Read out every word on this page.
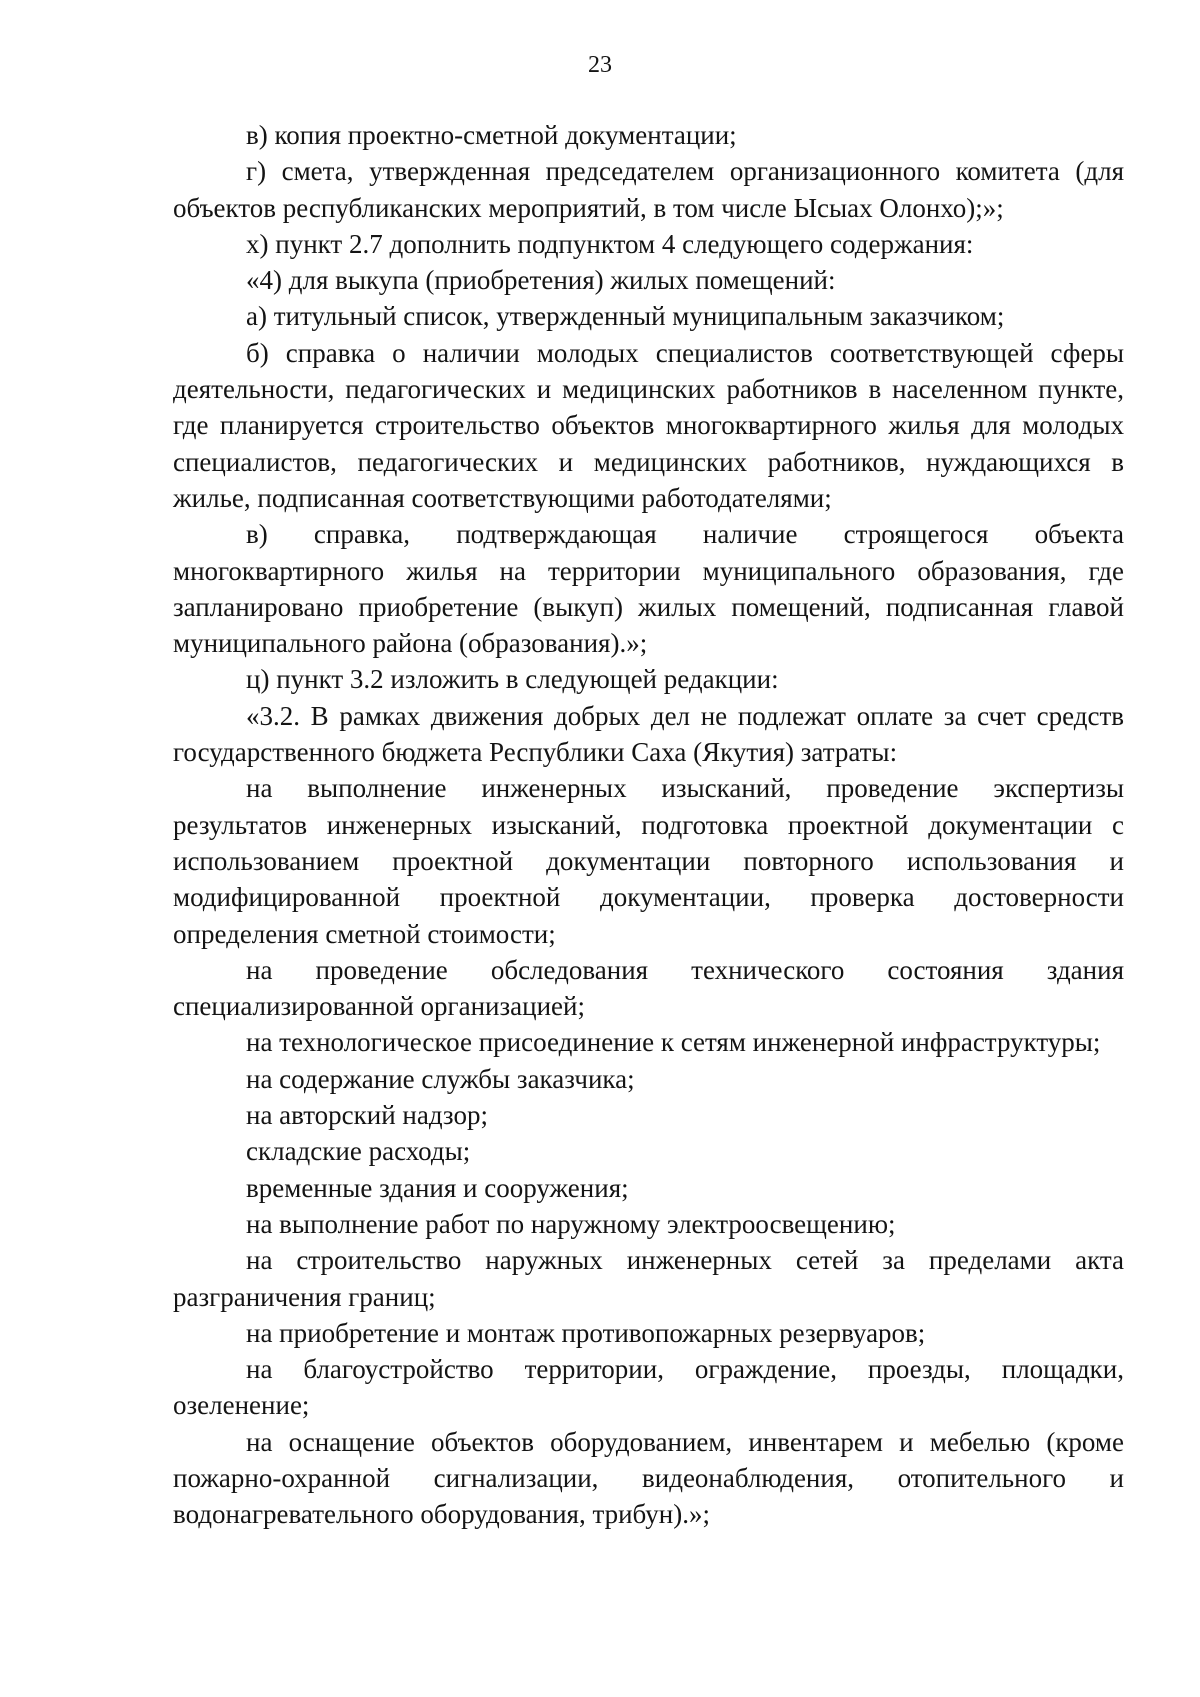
23

в) копия проектно-сметной документации;

г) смета, утвержденная председателем организационного комитета (для объектов республиканских мероприятий, в том числе Ысыах Олонхо);»;

х) пункт 2.7 дополнить подпунктом 4 следующего содержания:

«4) для выкупа (приобретения) жилых помещений:

а) титульный список, утвержденный муниципальным заказчиком;

б) справка о наличии молодых специалистов соответствующей сферы деятельности, педагогических и медицинских работников в населенном пункте, где планируется строительство объектов многоквартирного жилья для молодых специалистов, педагогических и медицинских работников, нуждающихся в жилье, подписанная соответствующими работодателями;

в) справка, подтверждающая наличие строящегося объекта многоквартирного жилья на территории муниципального образования, где запланировано приобретение (выкуп) жилых помещений, подписанная главой муниципального района (образования).»;

ц) пункт 3.2 изложить в следующей редакции:

«3.2. В рамках движения добрых дел не подлежат оплате за счет средств государственного бюджета Республики Саха (Якутия) затраты:

на выполнение инженерных изысканий, проведение экспертизы результатов инженерных изысканий, подготовка проектной документации с использованием проектной документации повторного использования и модифицированной проектной документации, проверка достоверности определения сметной стоимости;

на проведение обследования технического состояния здания специализированной организацией;

на технологическое присоединение к сетям инженерной инфраструктуры;

на содержание службы заказчика;

на авторский надзор;

складские расходы;

временные здания и сооружения;

на выполнение работ по наружному электроосвещению;

на строительство наружных инженерных сетей за пределами акта разграничения границ;

на приобретение и монтаж противопожарных резервуаров;

на благоустройство территории, ограждение, проезды, площадки, озеленение;

на оснащение объектов оборудованием, инвентарем и мебелью (кроме пожарно-охранной сигнализации, видеонаблюдения, отопительного и водонагревательного оборудования, трибун).»;
